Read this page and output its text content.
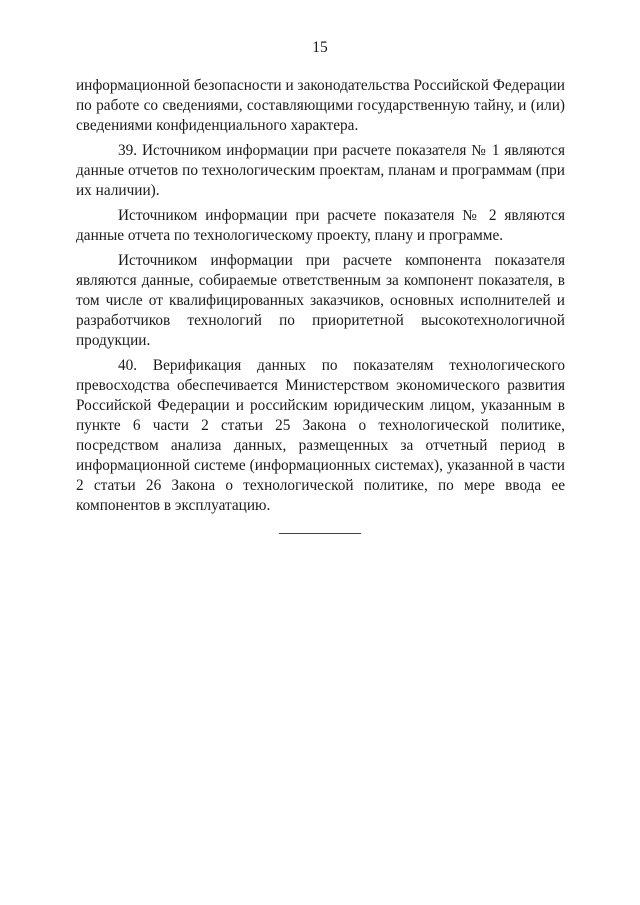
15

информационной безопасности и законодательства Российской Федерации по работе со сведениями, составляющими государственную тайну, и (или) сведениями конфиденциального характера.

39. Источником информации при расчете показателя № 1 являются данные отчетов по технологическим проектам, планам и программам (при их наличии).

Источником информации при расчете показателя № 2 являются данные отчета по технологическому проекту, плану и программе.

Источником информации при расчете компонента показателя являются данные, собираемые ответственным за компонент показателя, в том числе от квалифицированных заказчиков, основных исполнителей и разработчиков технологий по приоритетной высокотехнологичной продукции.

40. Верификация данных по показателям технологического превосходства обеспечивается Министерством экономического развития Российской Федерации и российским юридическим лицом, указанным в пункте 6 части 2 статьи 25 Закона о технологической политике, посредством анализа данных, размещенных за отчетный период в информационной системе (информационных системах), указанной в части 2 статьи 26 Закона о технологической политике, по мере ввода ее компонентов в эксплуатацию.
